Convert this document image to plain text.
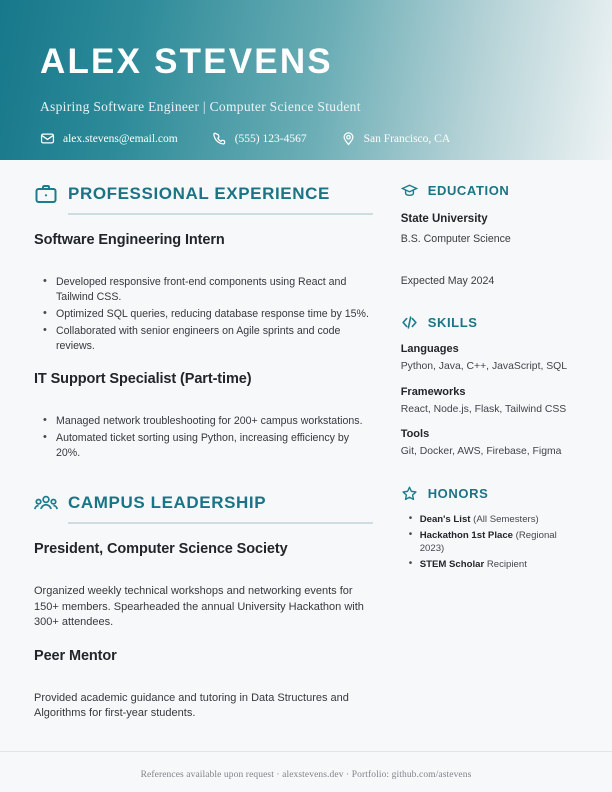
ALEX STEVENS
Aspiring Software Engineer | Computer Science Student
alex.stevens@email.com	(555) 123-4567	San Francisco, CA
PROFESSIONAL EXPERIENCE
Software Engineering Intern
TechNova Solutions | June 2023 – August 2023
• Developed responsive front-end components using React and Tailwind CSS.
• Optimized SQL queries, reducing database response time by 15%.
• Collaborated with senior engineers on Agile sprints and code reviews.
IT Support Specialist (Part-time)
University IT Dept | Sept 2022 – May 2023
• Managed network troubleshooting for 200+ campus workstations.
• Automated ticket sorting using Python, increasing efficiency by 20%.
CAMPUS LEADERSHIP
President, Computer Science Society
Aug 2023 – Present
Organized weekly technical workshops and networking events for 150+ members. Spearheaded the annual University Hackathon with 300+ attendees.
Peer Mentor
Sept 2022 – May 2023
Provided academic guidance and tutoring in Data Structures and Algorithms for first-year students.
EDUCATION
State University
B.S. Computer Science
GPA: 3.85 / 4.0
Expected May 2024
SKILLS
Languages
Python, Java, C++, JavaScript, SQL
Frameworks
React, Node.js, Flask, Tailwind CSS
Tools
Git, Docker, AWS, Firebase, Figma
HONORS
• Dean's List (All Semesters)
• Hackathon 1st Place (Regional 2023)
• STEM Scholar Recipient
References available upon request · alexstevens.dev · Portfolio: github.com/astevens
